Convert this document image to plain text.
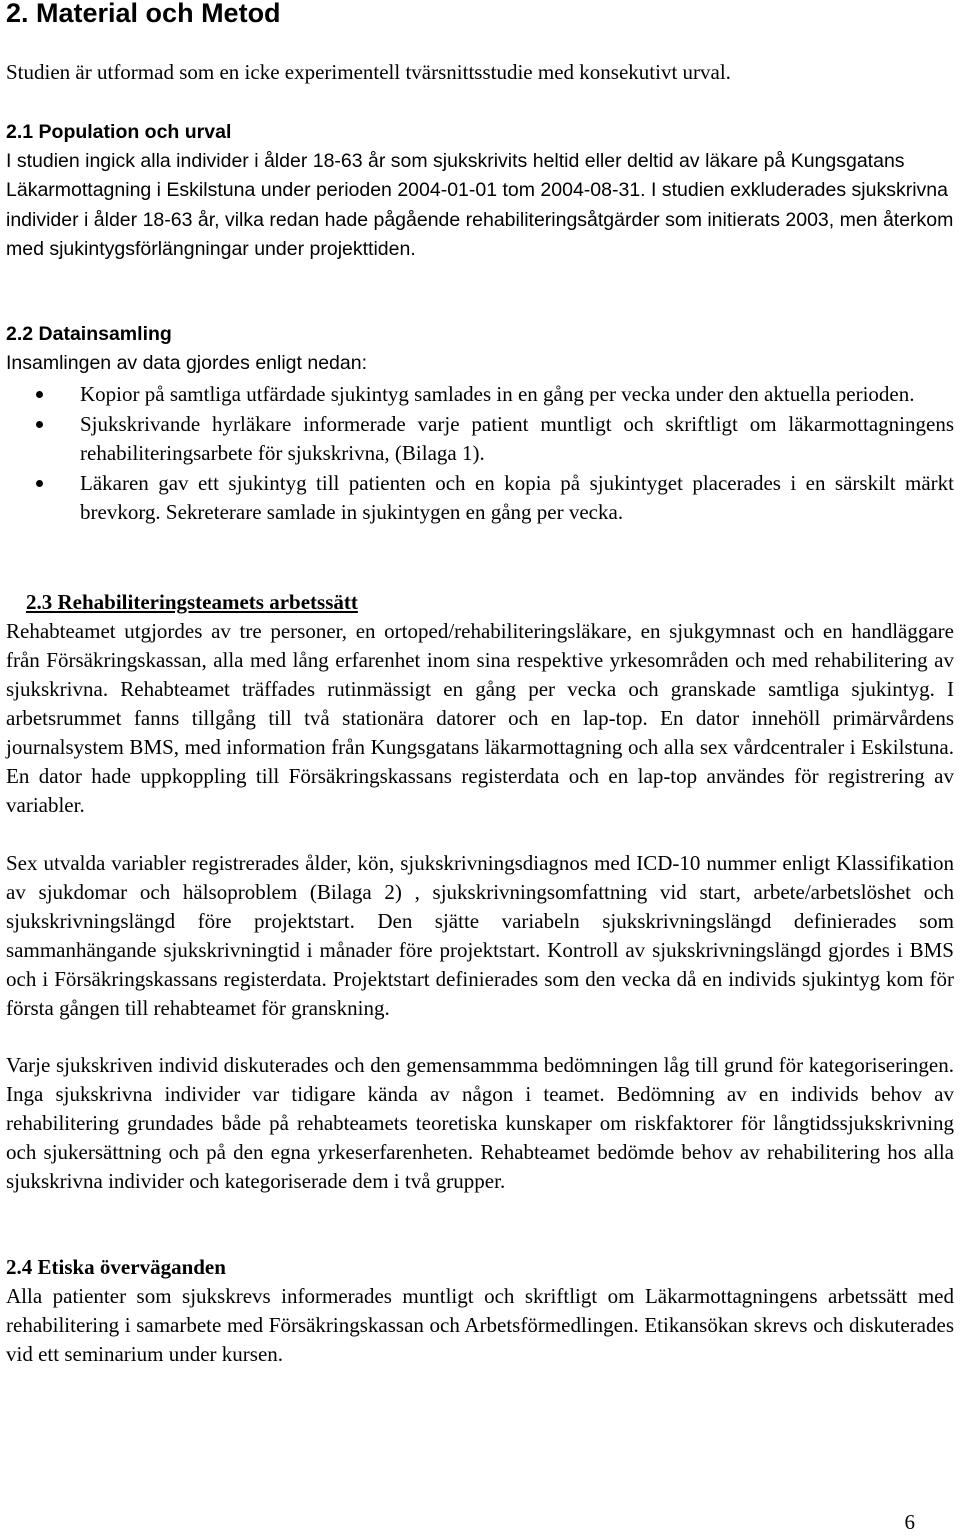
2. Material och Metod
Studien är utformad som en icke experimentell tvärsnittsstudie med konsekutivt urval.
2.1 Population och urval

I studien ingick alla individer i ålder 18-63 år som sjukskrivits heltid eller deltid av läkare på Kungsgatans Läkarmottagning i Eskilstuna under perioden 2004-01-01 tom 2004-08-31. I studien exkluderades sjukskrivna individer i ålder 18-63 år, vilka redan hade pågående rehabiliteringsåtgärder som initierats 2003, men återkom med sjukintygsförlängningar under projekttiden.

2.2 Datainsamling
Insamlingen av data gjordes enligt nedan:
Kopior på samtliga utfärdade sjukintyg samlades in en gång per vecka under den aktuella perioden.
Sjukskrivande hyrläkare informerade varje patient muntligt och skriftligt om läkarmottagningens rehabiliteringsarbete för sjukskrivna, (Bilaga 1).
Läkaren gav ett sjukintyg till patienten och en kopia på sjukintyget placerades i en särskilt märkt brevkorg. Sekreterare samlade in sjukintygen en gång per vecka.
2.3 Rehabiliteringsteamets arbetssätt

Rehabteamet utgjordes av tre personer, en ortoped/rehabiliteringsläkare, en sjukgymnast och en handläggare från Försäkringskassan, alla med lång erfarenhet inom sina respektive yrkesområden och med rehabilitering av sjukskrivna. Rehabteamet träffades rutinmässigt en gång per vecka och granskade samtliga sjukintyg. I arbetsrummet fanns tillgång till två stationära datorer och en lap-top. En dator innehöll primärvårdens journalsystem BMS, med information från Kungsgatans läkarmottagning och alla sex vårdcentraler i Eskilstuna. En dator hade uppkoppling till Försäkringskassans registerdata och en lap-top användes för registrering av variabler.

Sex utvalda variabler registrerades ålder, kön, sjukskrivningsdiagnos med ICD-10 nummer enligt Klassifikation av sjukdomar och hälsoproblem (Bilaga 2) , sjukskrivningsomfattning vid start, arbete/arbetslöshet och sjukskrivningslängd före projektstart. Den sjätte variabeln sjukskrivningslängd definierades som sammanhängande sjukskrivningtid i månader före projektstart. Kontroll av sjukskrivningslängd gjordes i BMS och i Försäkringskassans registerdata. Projektstart definierades som den vecka då en individs sjukintyg kom för första gången till rehabteamet för granskning.

Varje sjukskriven individ diskuterades och den gemensammma bedömningen låg till grund för kategoriseringen. Inga sjukskrivna individer var tidigare kända av någon i teamet. Bedömning av en individs behov av rehabilitering grundades både på rehabteamets teoretiska kunskaper om riskfaktorer för långtidssjukskrivning och sjukersättning och på den egna yrkeserfarenheten. Rehabteamet bedömde behov av rehabilitering hos alla sjukskrivna individer och kategoriserade dem i två grupper.

2.4 Etiska överväganden

Alla patienter som sjukskrevs informerades muntligt och skriftligt om Läkarmottagningens arbetssätt med rehabilitering i samarbete med Försäkringskassan och Arbetsförmedlingen. Etikansökan skrevs och diskuterades vid ett seminarium under kursen.

6
